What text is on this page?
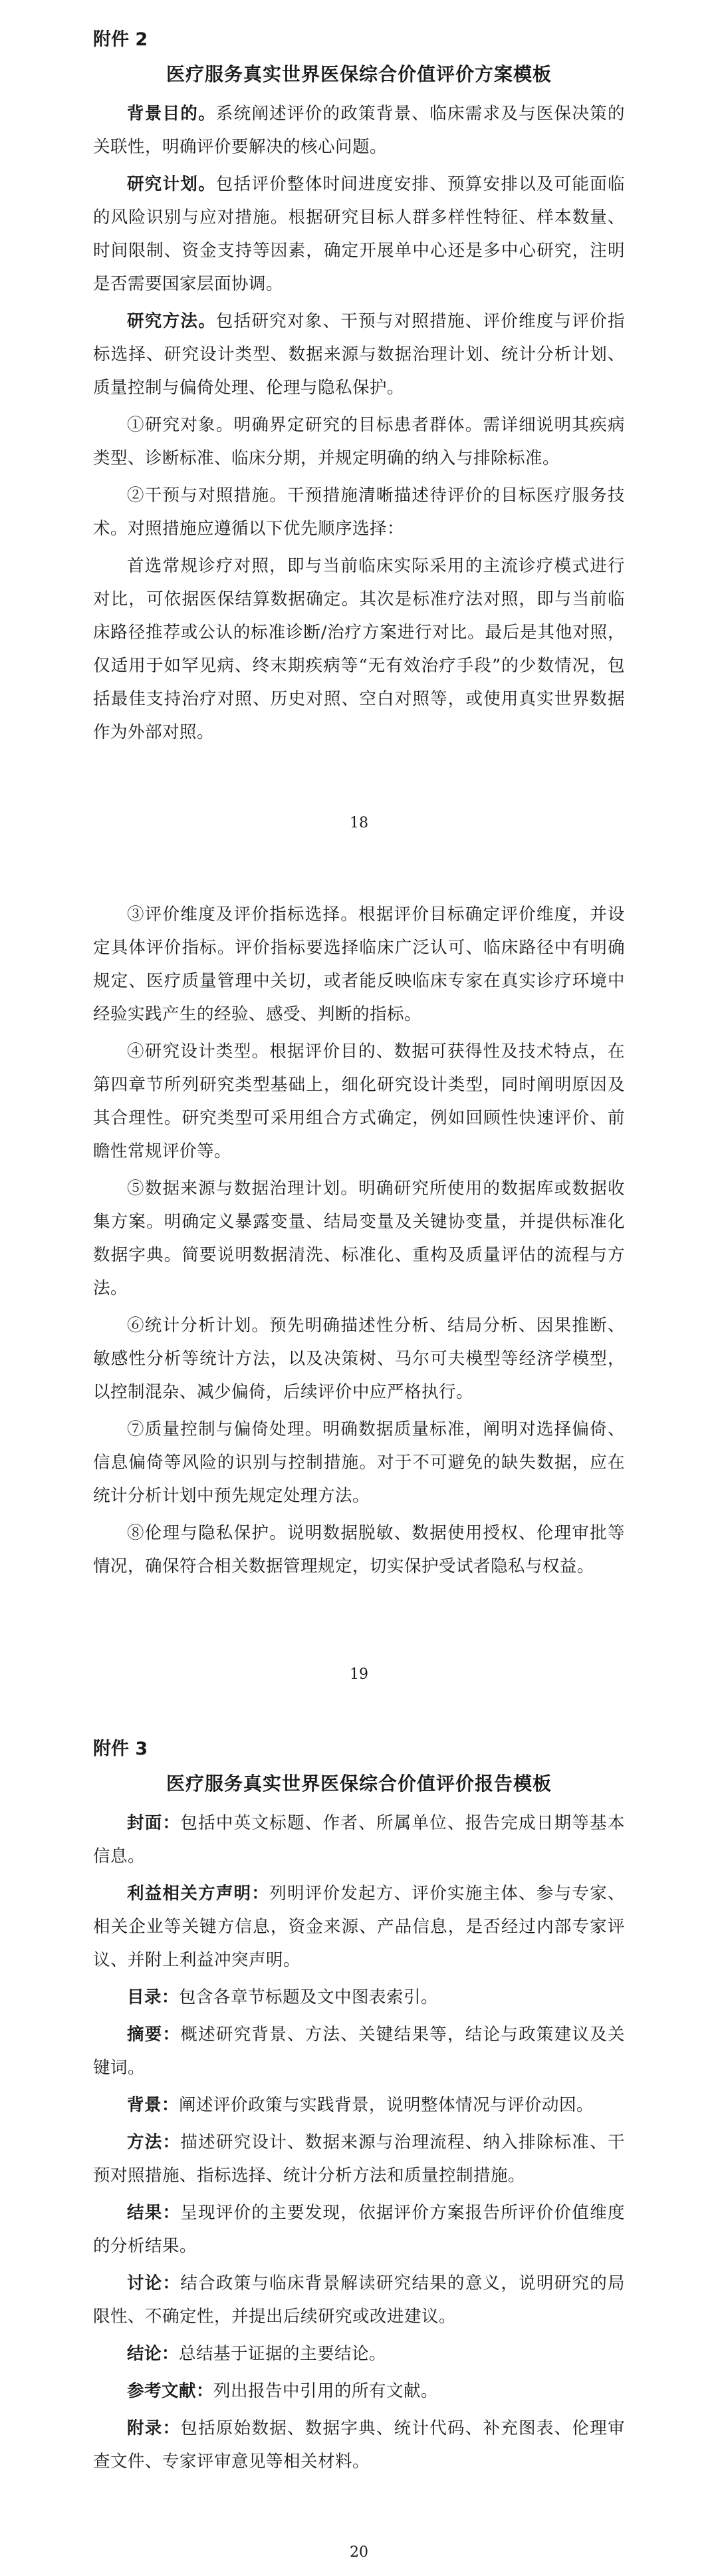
附件 2
医疗服务真实世界医保综合价值评价方案模板

背景目的。系统阐述评价的政策背景、临床需求及与医保决策的关联性，明确评价要解决的核心问题。

研究计划。包括评价整体时间进度安排、预算安排以及可能面临的风险识别与应对措施。根据研究目标人群多样性特征、样本数量、时间限制、资金支持等因素，确定开展单中心还是多中心研究，注明是否需要国家层面协调。

研究方法。包括研究对象、干预与对照措施、评价维度与评价指标选择、研究设计类型、数据来源与数据治理计划、统计分析计划、质量控制与偏倚处理、伦理与隐私保护。

①研究对象。明确界定研究的目标患者群体。需详细说明其疾病类型、诊断标准、临床分期，并规定明确的纳入与排除标准。

②干预与对照措施。干预措施清晰描述待评价的目标医疗服务技术。对照措施应遵循以下优先顺序选择：

首选常规诊疗对照，即与当前临床实际采用的主流诊疗模式进行对比，可依据医保结算数据确定。其次是标准疗法对照，即与当前临床路径推荐或公认的标准诊断/治疗方案进行对比。最后是其他对照，仅适用于如罕见病、终末期疾病等“无有效治疗手段”的少数情况，包括最佳支持治疗对照、历史对照、空白对照等，或使用真实世界数据作为外部对照。

18

③评价维度及评价指标选择。根据评价目标确定评价维度，并设定具体评价指标。评价指标要选择临床广泛认可、临床路径中有明确规定、医疗质量管理中关切，或者能反映临床专家在真实诊疗环境中经验实践产生的经验、感受、判断的指标。

④研究设计类型。根据评价目的、数据可获得性及技术特点，在第四章节所列研究类型基础上，细化研究设计类型，同时阐明原因及其合理性。研究类型可采用组合方式确定，例如回顾性快速评价、前瞻性常规评价等。

⑤数据来源与数据治理计划。明确研究所使用的数据库或数据收集方案。明确定义暴露变量、结局变量及关键协变量，并提供标准化数据字典。简要说明数据清洗、标准化、重构及质量评估的流程与方法。

⑥统计分析计划。预先明确描述性分析、结局分析、因果推断、敏感性分析等统计方法，以及决策树、马尔可夫模型等经济学模型，以控制混杂、减少偏倚，后续评价中应严格执行。

⑦质量控制与偏倚处理。明确数据质量标准，阐明对选择偏倚、信息偏倚等风险的识别与控制措施。对于不可避免的缺失数据，应在统计分析计划中预先规定处理方法。

⑧伦理与隐私保护。说明数据脱敏、数据使用授权、伦理审批等情况，确保符合相关数据管理规定，切实保护受试者隐私与权益。

19
附件 3
医疗服务真实世界医保综合价值评价报告模板

封面：包括中英文标题、作者、所属单位、报告完成日期等基本信息。

利益相关方声明：列明评价发起方、评价实施主体、参与专家、相关企业等关键方信息，资金来源、产品信息，是否经过内部专家评议、并附上利益冲突声明。

目录：包含各章节标题及文中图表索引。

摘要：概述研究背景、方法、关键结果等，结论与政策建议及关键词。

背景：阐述评价政策与实践背景，说明整体情况与评价动因。

方法：描述研究设计、数据来源与治理流程、纳入排除标准、干预对照措施、指标选择、统计分析方法和质量控制措施。

结果：呈现评价的主要发现，依据评价方案报告所评价价值维度的分析结果。

讨论：结合政策与临床背景解读研究结果的意义，说明研究的局限性、不确定性，并提出后续研究或改进建议。

结论：总结基于证据的主要结论。

参考文献：列出报告中引用的所有文献。

附录：包括原始数据、数据字典、统计代码、补充图表、伦理审查文件、专家评审意见等相关材料。

20
